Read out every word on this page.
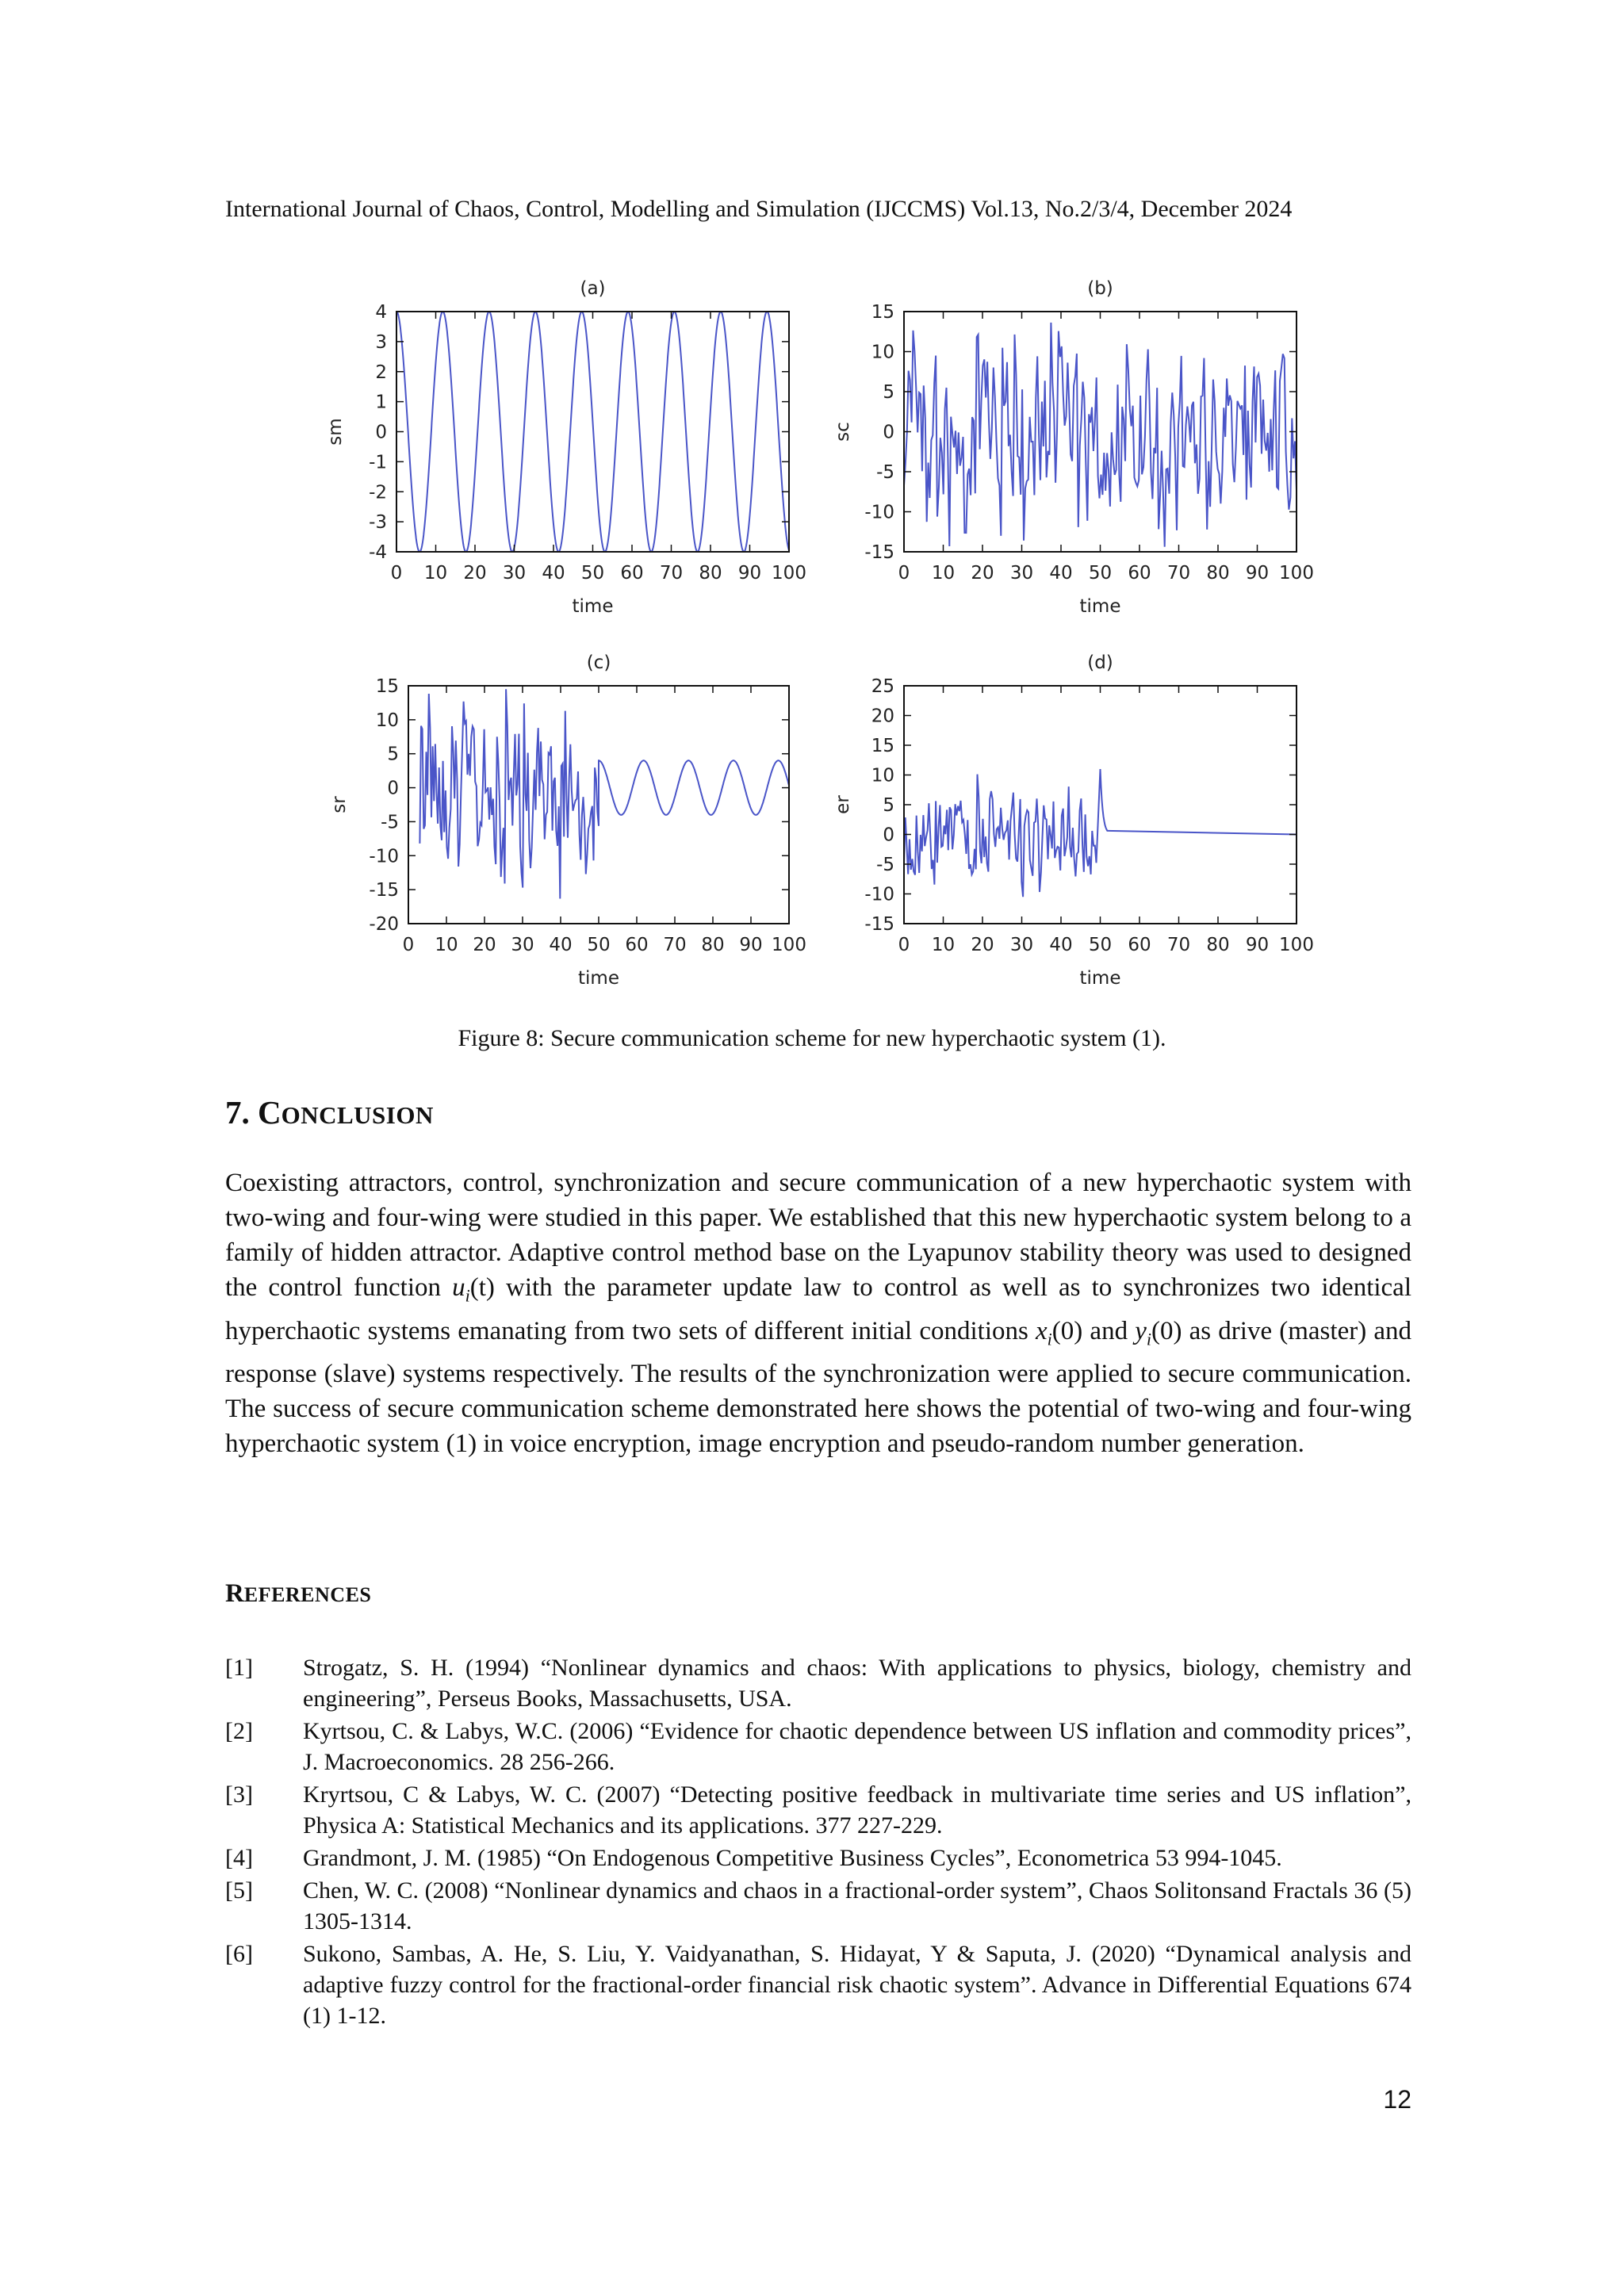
International Journal of Chaos, Control, Modelling and Simulation (IJCCMS) Vol.13, No.2/3/4, December 2024
0 10 20 30 40 50 60 70 80 90 100
-4
-3
-2
-1
0
1
2
3
4
(a)
time
sm
0 10 20 30 40 50 60 70 80 90 100
-15
-10
-5
0
5
10
15
(b)
time
sc
0 10 20 30 40 50 60 70 80 90 100
-20
-15
-10
-5
0
5
10
15
(c)
time
sr
0 10 20 30 40 50 60 70 80 90 100
-15
-10
-5
0
5
10
15
20
25
(d)
time
er
Figure 8: Secure communication scheme for new hyperchaotic system (1).
7. CONCLUSION

Coexisting attractors, control, synchronization and secure communication of a new hyperchaotic system with two-wing and four-wing were studied in this paper. We established that this new hyperchaotic system belong to a family of hidden attractor. Adaptive control method base on the Lyapunov stability theory was used to designed the control function $u_i(t)$ with the parameter update law to control as well as to synchronizes two identical hyperchaotic systems emanating from two sets of different initial conditions $x_i(0)$ and $y_i(0)$ as drive (master) and response (slave) systems respectively. The results of the synchronization were applied to secure communication. The success of secure communication scheme demonstrated here shows the potential of two-wing and four-wing hyperchaotic system (1) in voice encryption, image encryption and pseudo-random number generation.

REFERENCES
[1]	Strogatz, S. H. (1994) “Nonlinear dynamics and chaos: With applications to physics, biology, chemistry and engineering”, Perseus Books, Massachusetts, USA.
[2]	Kyrtsou, C. & Labys, W.C. (2006) “Evidence for chaotic dependence between US inflation and commodity prices”, J. Macroeconomics. 28 256-266.
[3]	Kryrtsou, C & Labys, W. C. (2007) “Detecting positive feedback in multivariate time series and US inflation”, Physica A: Statistical Mechanics and its applications. 377 227-229.
[4]	Grandmont, J. M. (1985) “On Endogenous Competitive Business Cycles”, Econometrica 53 994-1045.
[5]	Chen, W. C. (2008) “Nonlinear dynamics and chaos in a fractional-order system”, Chaos Solitonsand Fractals 36 (5) 1305-1314.
[6]	Sukono, Sambas, A. He, S. Liu, Y. Vaidyanathan, S. Hidayat, Y & Saputa, J. (2020) “Dynamical analysis and adaptive fuzzy control for the fractional-order financial risk chaotic system”. Advance in Differential Equations 674 (1) 1-12.
12
